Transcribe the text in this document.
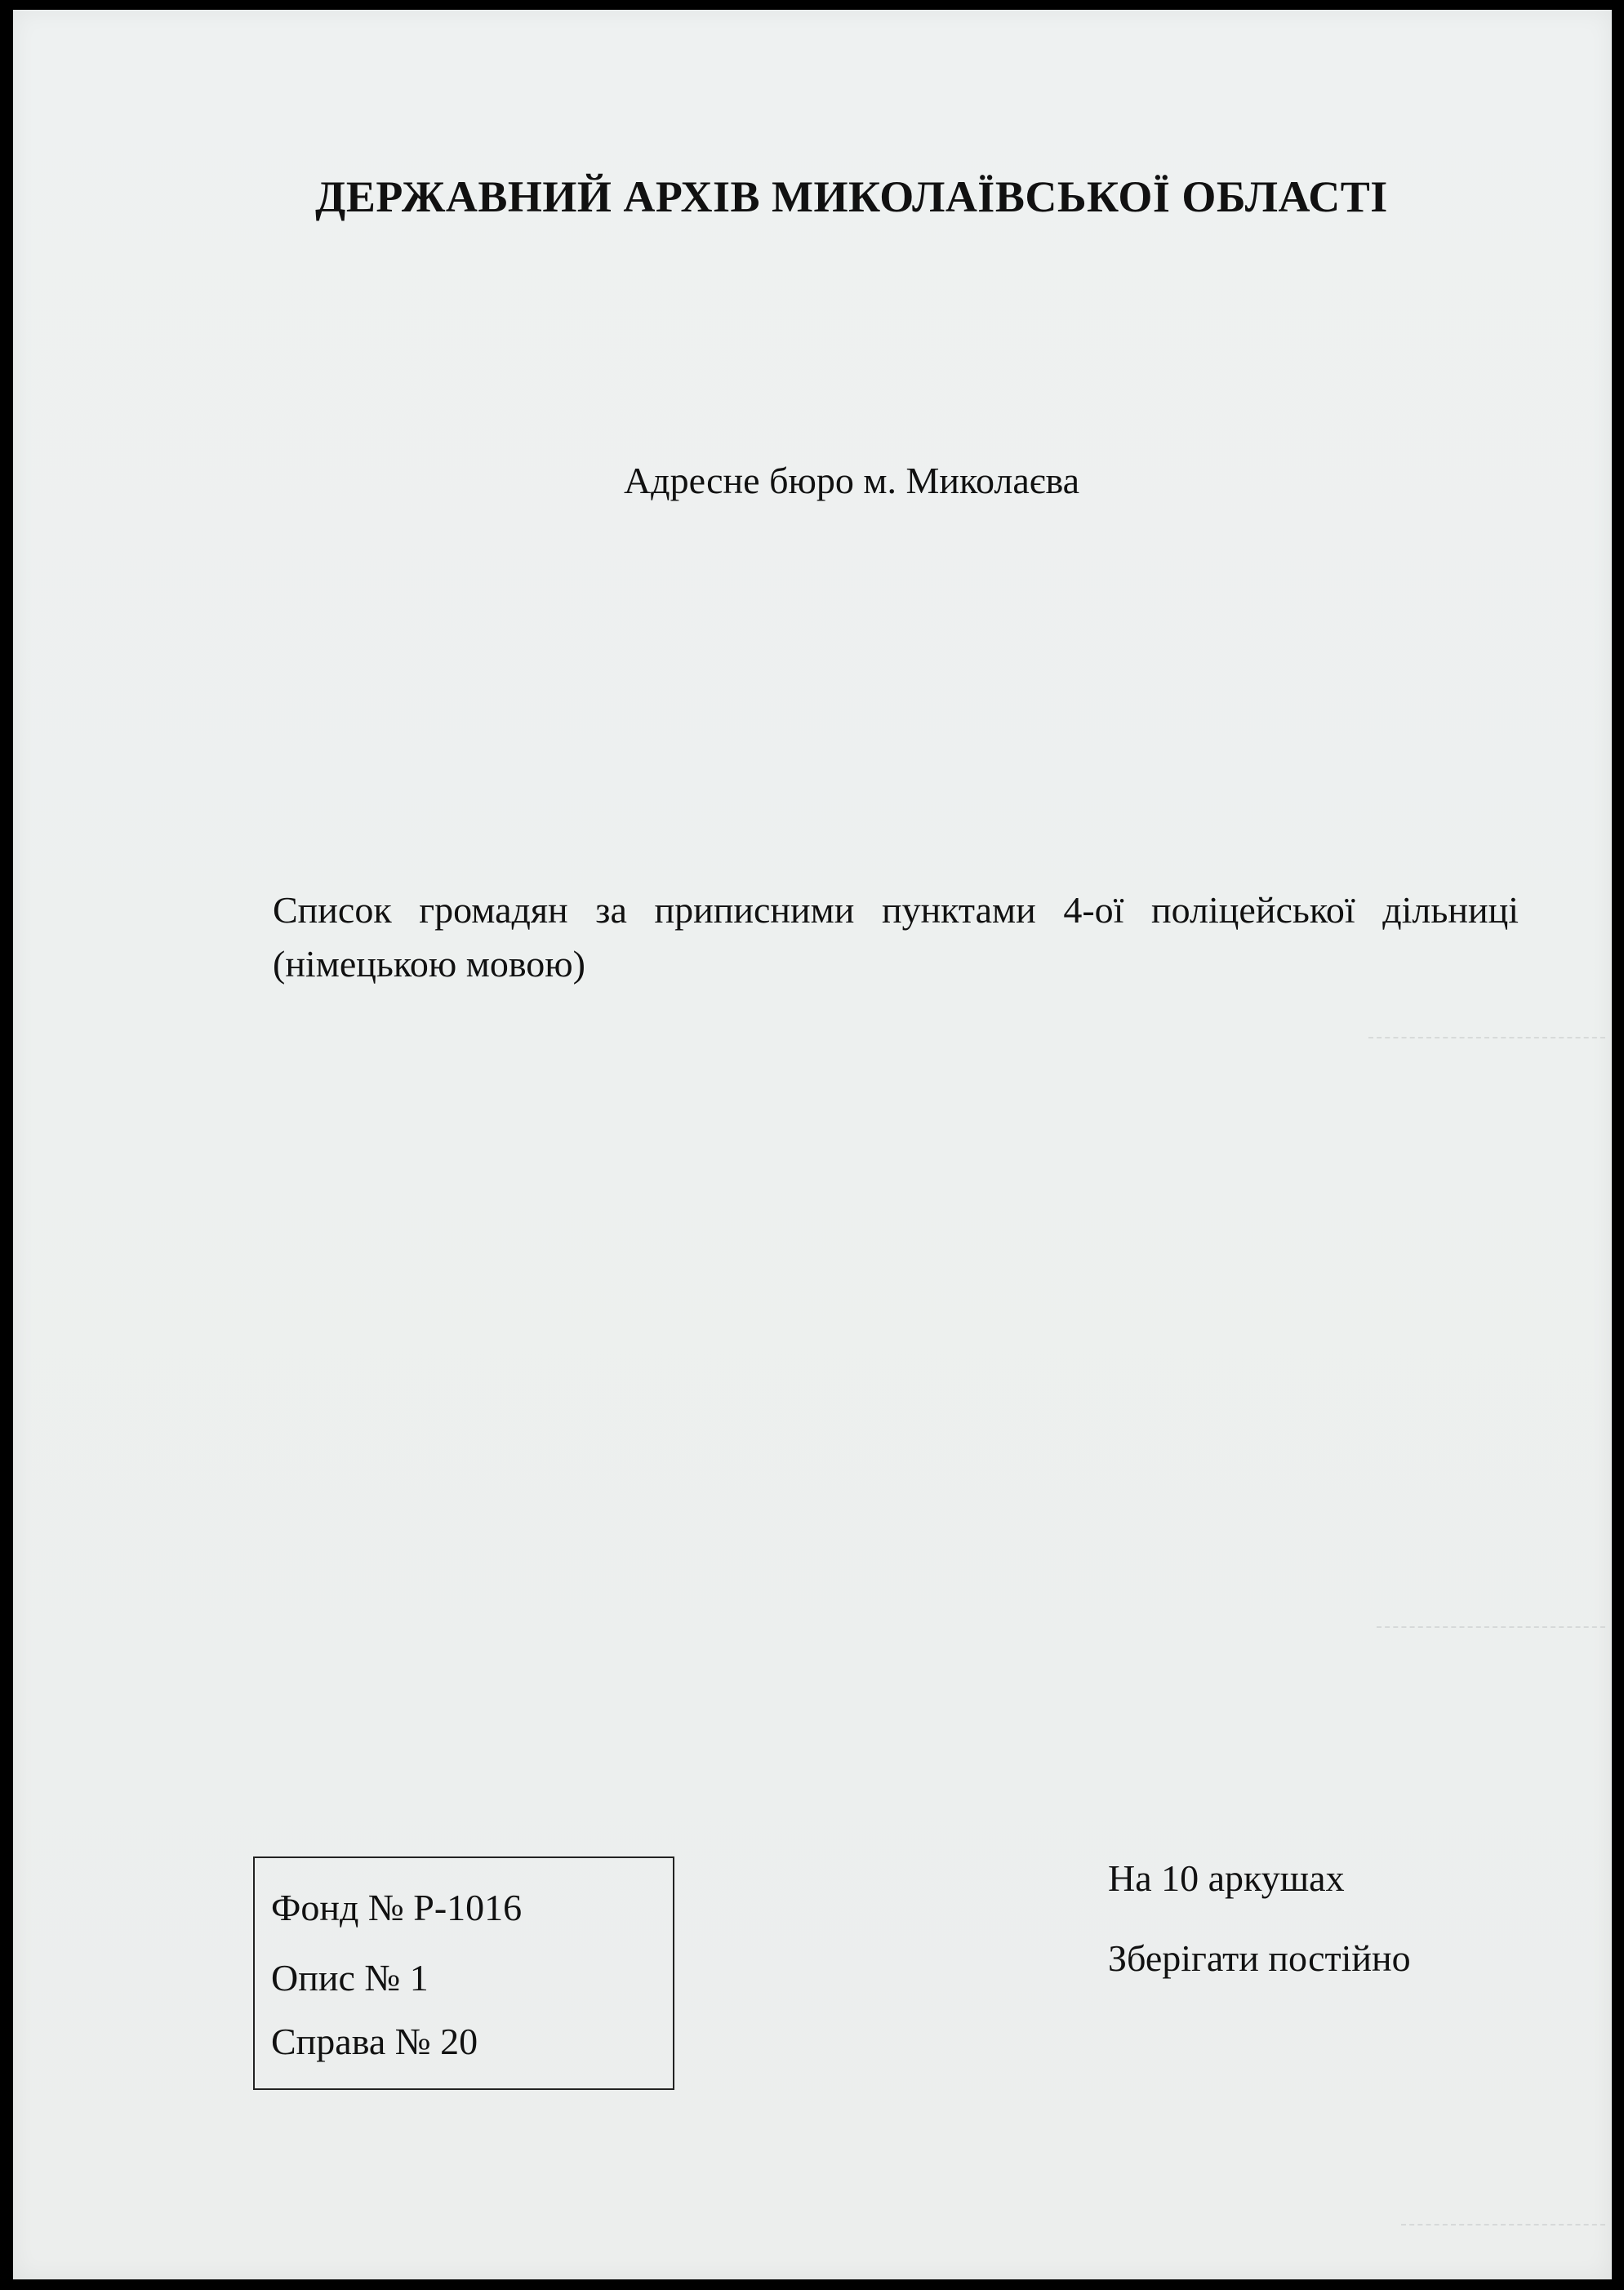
ДЕРЖАВНИЙ АРХІВ МИКОЛАЇВСЬКОЇ ОБЛАСТІ
Адресне бюро м. Миколаєва
Список громадян за приписними пунктами 4-ої поліцейської дільниці (німецькою мовою)
Фонд № Р-1016
Опис № 1
Справа № 20
На 10 аркушах
Зберігати постійно
